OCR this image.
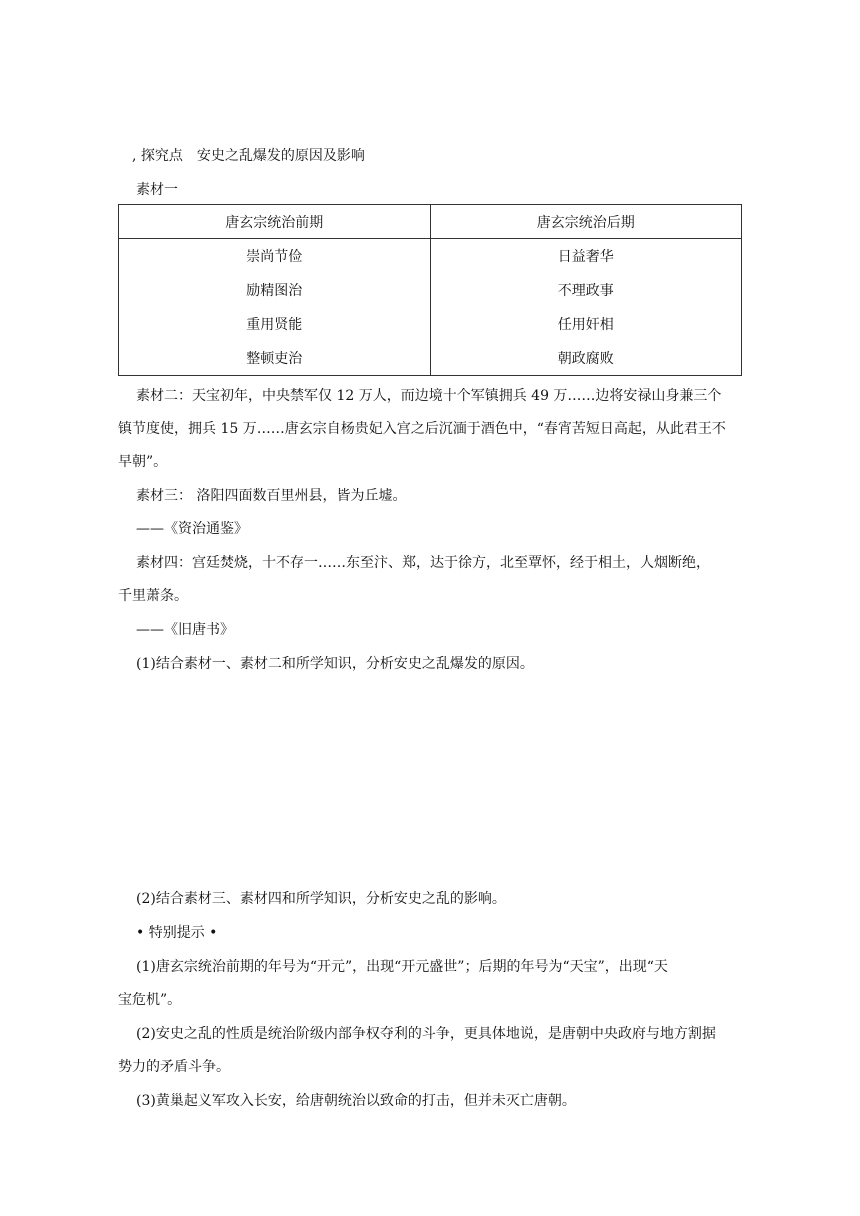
, 探究点　安史之乱爆发的原因及影响
素材一
唐玄宗统治前期	唐玄宗统治后期
崇尚节俭	日益奢华
励精图治	不理政事
重用贤能	任用奸相
整顿吏治	朝政腐败
素材二：天宝初年，中央禁军仅 12 万人，而边境十个军镇拥兵 49 万……边将安禄山身兼三个
镇节度使，拥兵 15 万……唐玄宗自杨贵妃入宫之后沉湎于酒色中，“春宵苦短日高起，从此君王不
早朝”。
素材三： 洛阳四面数百里州县，皆为丘墟。
——《资治通鉴》
素材四：宫廷焚烧，十不存一……东至汴、郑，达于徐方，北至覃怀，经于相土，人烟断绝，
千里萧条。
——《旧唐书》
(1)结合素材一、素材二和所学知识，分析安史之乱爆发的原因。
(2)结合素材三、素材四和所学知识，分析安史之乱的影响。
• 特别提示 •
(1)唐玄宗统治前期的年号为“开元”，出现“开元盛世”；后期的年号为“天宝”，出现“天
宝危机”。
(2)安史之乱的性质是统治阶级内部争权夺利的斗争，更具体地说，是唐朝中央政府与地方割据
势力的矛盾斗争。
(3)黄巢起义军攻入长安，给唐朝统治以致命的打击，但并未灭亡唐朝。
